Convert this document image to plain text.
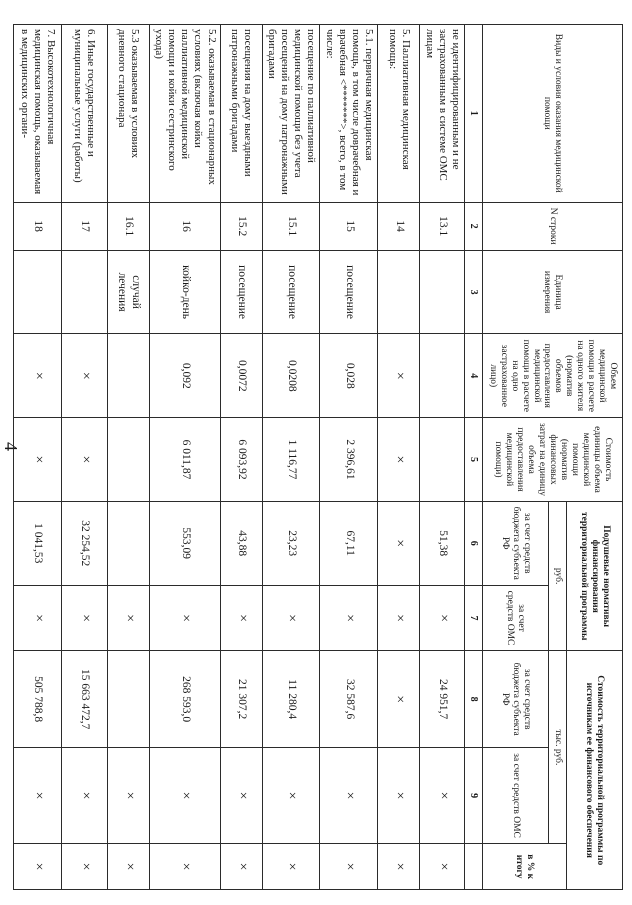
4
Виды и условия оказания медицинской помощи	N строки	Единица измерения	Объем медицинской помощи в расчете на одного жителя (норматив объемов предоставления медицинской помощи в расчете на одно застрахованное лицо)	Стоимость единицы объема медицинской помощи (норматив финансовых затрат на единицу объема предоставления медицинской помощи)	Подушевые нормативы финансирования территориальной программы		Стоимость территориальной программы по источникам ее финансового обеспечения		
					руб.		тыс. руб.		в % к итогу
					за счет средств бюджета субъекта РФ	за счет средств ОМС	за счет средств бюджета субъекта РФ	за счет средств ОМС	
1	2	3	4	5	6	7	8	9	
не идентифицированным и не застрахованным в системе ОМС лицам	13.1				51,38	×	24 951,7	×	×
5. Паллиативная медицинская помощь:	14		×	×	×	×	×	×	×
5.1. первичная медицинская помощь, в том числе доврачебная и врачебная <*******>, всего, в том числе:	15	посещение	0,028	2 396,61	67,11	×	32 587,6	×	×
посещение по паллиативной медицинской помощи без учета посещений на дому патронажными бригадами	15.1	посещение	0,0208	1 116,77	23,23	×	11 280,4	×	×
посещения на дому выездными патронажными бригадами	15.2	посещение	0,0072	6 093,92	43,88	×	21 307,2	×	×
5.2. оказываемая в стационарных условиях (включая койки паллиативной медицинской помощи и койки сестринского ухода)	16	койко-день	0,092	6 011,87	553,09	×	268 593,0	×	×
5.3 оказываемая в условиях дневного стационара	16.1	случай лечения				×		×	×
6. Иные государственные и муниципальные услуги (работы)	17		×	×	32 254,52	×	15 663 472,7	×	×
7. Высокотехнологичная медицинская помощь, оказываемая в медицинских органи-	18		×	×	1 041,53	×	505 788,8	×	×
